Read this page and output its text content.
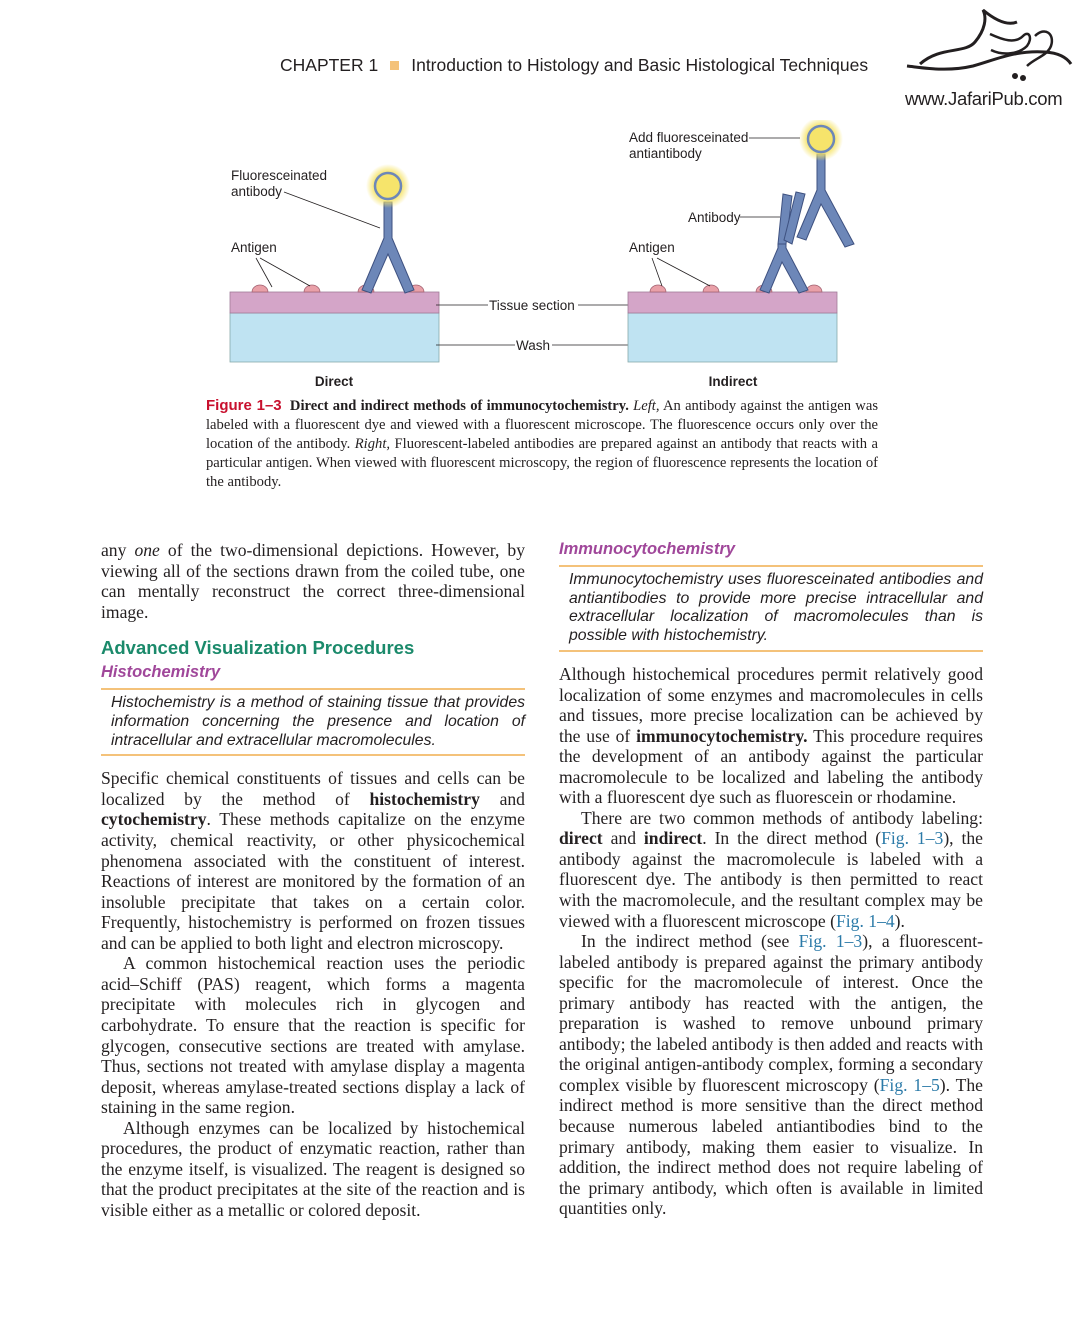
CHAPTER 1 Introduction to Histology and Basic Histological Techniques
www.JafariPub.com
Fluoresceinated
antibody
Antigen
Direct
Tissue section
Wash
Add fluoresceinated
antiantibody
Antibody
Antigen
Indirect
Figure 1–3 Direct and indirect methods of immunocytochemistry. Left, An antibody against the antigen was labeled with a fluorescent dye and viewed with a fluorescent microscope. The fluorescence occurs only over the location of the antibody. Right, Fluorescent-labeled antibodies are prepared against an antibody that reacts with a particular antigen. When viewed with fluorescent microscopy, the region of fluorescence represents the location of the antibody.

any one of the two-dimensional depictions. However, by viewing all of the sections drawn from the coiled tube, one can mentally reconstruct the correct three-dimensional image.

Advanced Visualization Procedures
Histochemistry
Histochemistry is a method of staining tissue that provides information concerning the presence and location of intracellular and extracellular macromolecules.

Specific chemical constituents of tissues and cells can be localized by the method of histochemistry and cytochemistry. These methods capitalize on the enzyme activity, chemical reactivity, or other physicochemical phenomena associated with the constituent of interest. Reactions of interest are monitored by the formation of an insoluble precipitate that takes on a certain color. Frequently, histochemistry is performed on frozen tissues and can be applied to both light and electron microscopy.

A common histochemical reaction uses the periodic acid–Schiff (PAS) reagent, which forms a magenta precipitate with molecules rich in glycogen and carbohydrate. To ensure that the reaction is specific for glycogen, consecutive sections are treated with amylase. Thus, sections not treated with amylase display a magenta deposit, whereas amylase-treated sections display a lack of staining in the same region.

Although enzymes can be localized by histochemical procedures, the product of enzymatic reaction, rather than the enzyme itself, is visualized. The reagent is designed so that the product precipitates at the site of the reaction and is visible either as a metallic or colored deposit.

Immunocytochemistry
Immunocytochemistry uses fluoresceinated antibodies and antiantibodies to provide more precise intracellular and extracellular localization of macromolecules than is possible with histochemistry.

Although histochemical procedures permit relatively good localization of some enzymes and macromolecules in cells and tissues, more precise localization can be achieved by the use of immunocytochemistry. This procedure requires the development of an antibody against the particular macromolecule to be localized and labeling the antibody with a fluorescent dye such as fluorescein or rhodamine.

There are two common methods of antibody labeling: direct and indirect. In the direct method (Fig. 1–3), the antibody against the macromolecule is labeled with a fluorescent dye. The antibody is then permitted to react with the macromolecule, and the resultant complex may be viewed with a fluorescent microscope (Fig. 1–4).

In the indirect method (see Fig. 1–3), a fluorescent-labeled antibody is prepared against the primary antibody specific for the macromolecule of interest. Once the primary antibody has reacted with the antigen, the preparation is washed to remove unbound primary antibody; the labeled antibody is then added and reacts with the original antigen-antibody complex, forming a secondary complex visible by fluorescent microscopy (Fig. 1–5). The indirect method is more sensitive than the direct method because numerous labeled antiantibodies bind to the primary antibody, making them easier to visualize. In addition, the indirect method does not require labeling of the primary antibody, which often is available in limited quantities only.
